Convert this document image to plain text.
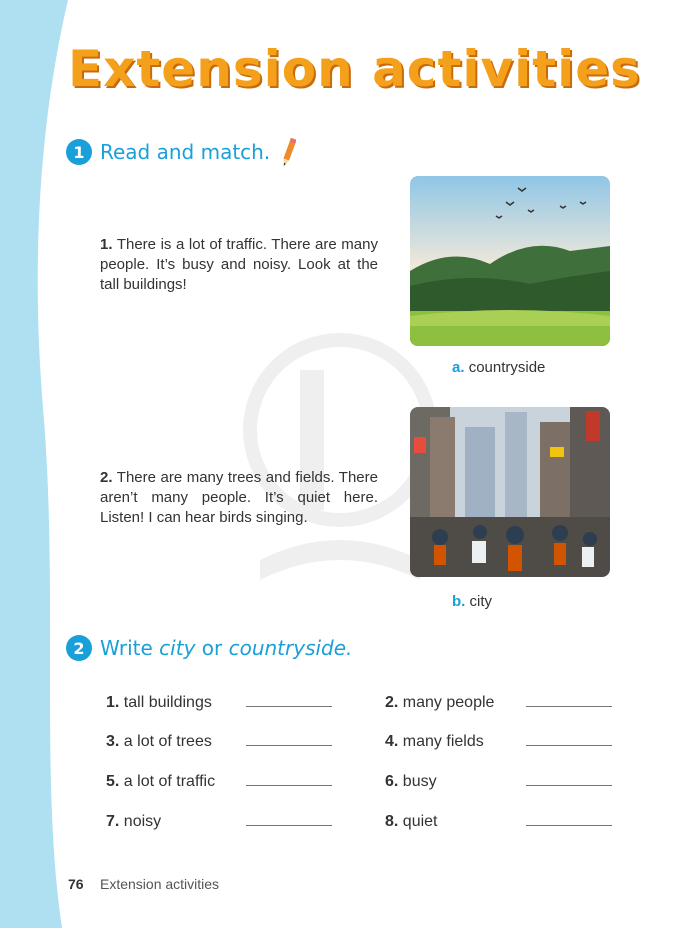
Extension activities
1 Read and match.
1. There is a lot of traffic. There are many people. It’s busy and noisy. Look at the tall buildings!
a. countryside
2. There are many trees and fields. There aren’t many people. It’s quiet here. Listen! I can hear birds singing.
b. city
2 Write city or countryside.
1. tall buildings	2. many people
3. a lot of trees	4. many fields
5. a lot of traffic	6. busy
7. noisy	8. quiet
76 Extension activities
